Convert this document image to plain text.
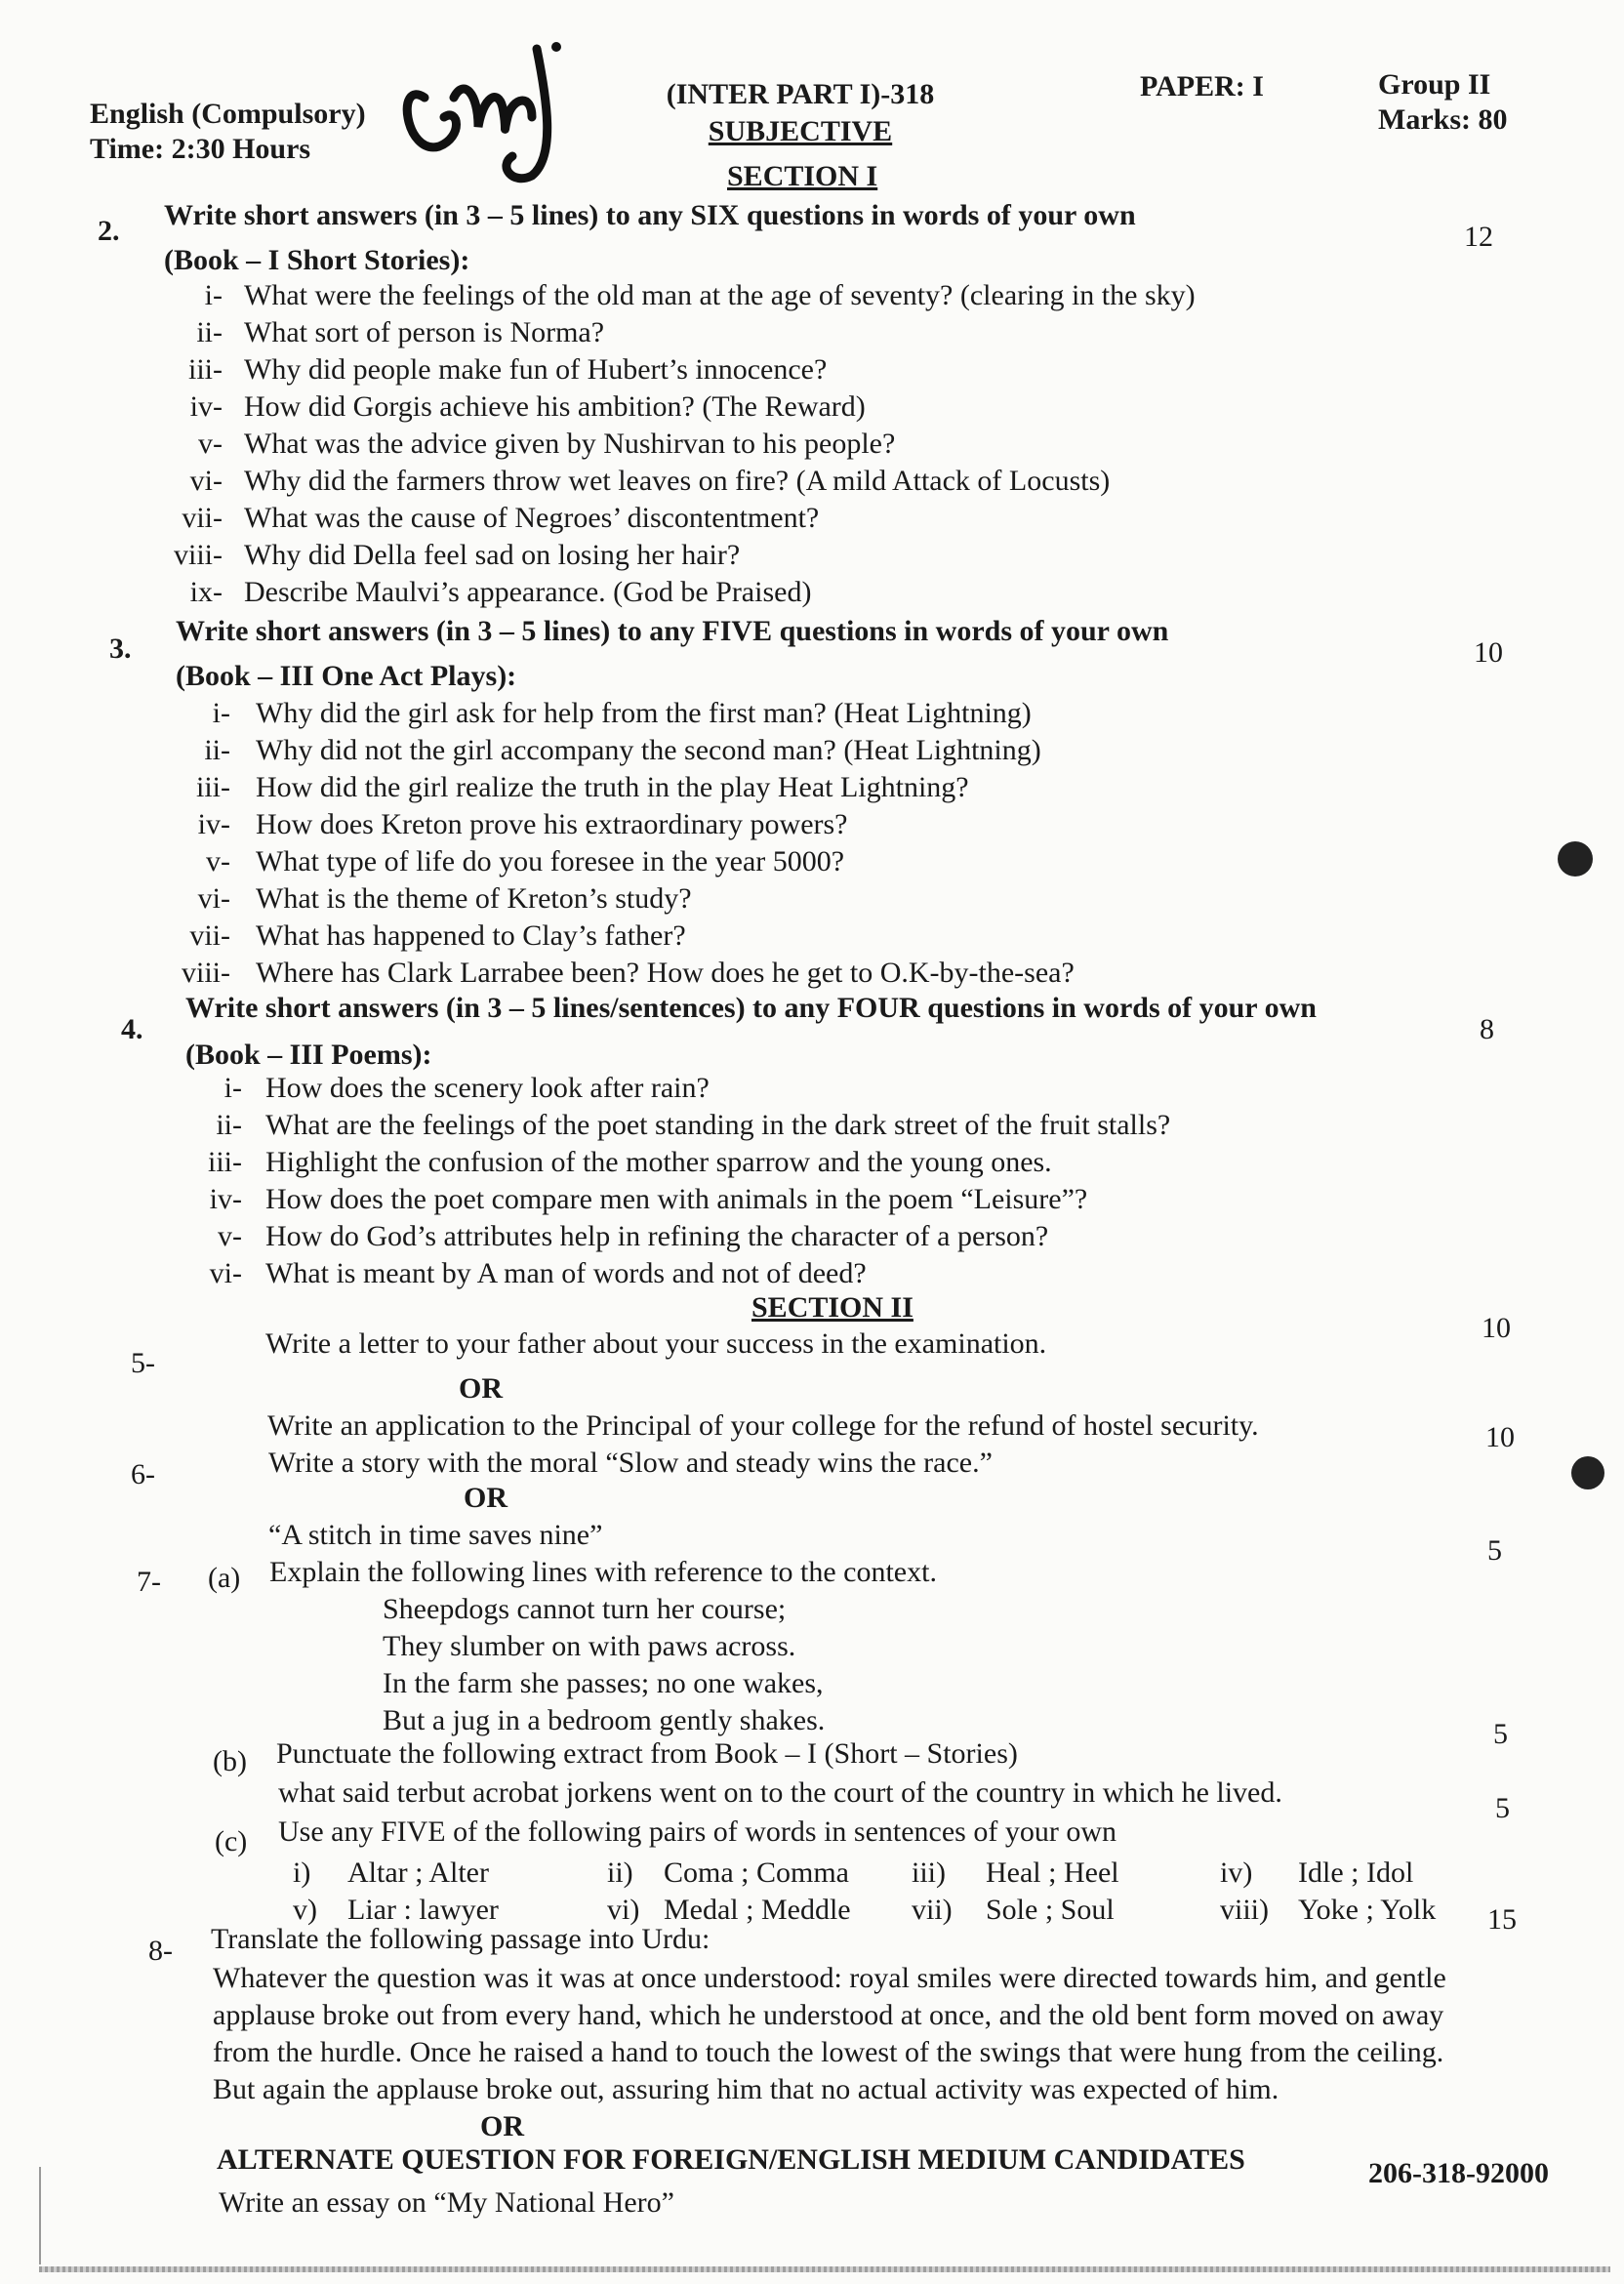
English (Compulsory)
Time: 2:30 Hours
(INTER PART I)-318
SUBJECTIVE
PAPER: I	Group II
Marks: 80
SECTION I
2. Write short answers (in 3 – 5 lines) to any SIX questions in words of your own
(Book – I Short Stories):
12
i- What were the feelings of the old man at the age of seventy? (clearing in the sky)
ii- What sort of person is Norma?
iii- Why did people make fun of Hubert’s innocence?
iv- How did Gorgis achieve his ambition? (The Reward)
v- What was the advice given by Nushirvan to his people?
vi- Why did the farmers throw wet leaves on fire? (A mild Attack of Locusts)
vii- What was the cause of Negroes’ discontentment?
viii- Why did Della feel sad on losing her hair?
ix- Describe Maulvi’s appearance. (God be Praised)
3.
Write short answers (in 3 – 5 lines) to any FIVE questions in words of your own
(Book – III One Act Plays):
10
i- Why did the girl ask for help from the first man? (Heat Lightning)
ii- Why did not the girl accompany the second man? (Heat Lightning)
iii- How did the girl realize the truth in the play Heat Lightning?
iv- How does Kreton prove his extraordinary powers?
v- What type of life do you foresee in the year 5000?
vi- What is the theme of Kreton’s study?
vii- What has happened to Clay’s father?
viii- Where has Clark Larrabee been? How does he get to O.K-by-the-sea?
4.
Write short answers (in 3 – 5 lines/sentences) to any FOUR questions in words of your own
(Book – III Poems):
8
i- How does the scenery look after rain?
ii- What are the feelings of the poet standing in the dark street of the fruit stalls?
iii- Highlight the confusion of the mother sparrow and the young ones.
iv- How does the poet compare men with animals in the poem “Leisure”?
v- How do God’s attributes help in refining the character of a person?
vi- What is meant by A man of words and not of deed?
SECTION II
5-
Write a letter to your father about your success in the examination.
OR
Write an application to the Principal of your college for the refund of hostel security.
10
6-	Write a story with the moral “Slow and steady wins the race.”
OR
“A stitch in time saves nine”
10
7- (a) Explain the following lines with reference to the context.
5
Sheepdogs cannot turn her course;
They slumber on with paws across.
In the farm she passes; no one wakes,
But a jug in a bedroom gently shakes.
(b) Punctuate the following extract from Book – I (Short – Stories)
what said terbut acrobat jorkens went on to the court of the country in which he lived.
5
(c) Use any FIVE of the following pairs of words in sentences of your own
5
i) Altar ; Alter	ii) Coma ; Comma iii) Heal ; Heel	iv) Idle ; Idol
v) Liar : lawyer	vi) Medal ; Meddle vii) Sole ; Soul	viii) Yoke ; Yolk
8- Translate the following passage into Urdu:
15
Whatever the question was it was at once understood: royal smiles were directed towards him, and gentle
applause broke out from every hand, which he understood at once, and the old bent form moved on away
from the hurdle. Once he raised a hand to touch the lowest of the swings that were hung from the ceiling.
But again the applause broke out, assuring him that no actual activity was expected of him.
OR
ALTERNATE QUESTION FOR FOREIGN/ENGLISH MEDIUM CANDIDATES
Write an essay on “My National Hero”
206-318-92000
